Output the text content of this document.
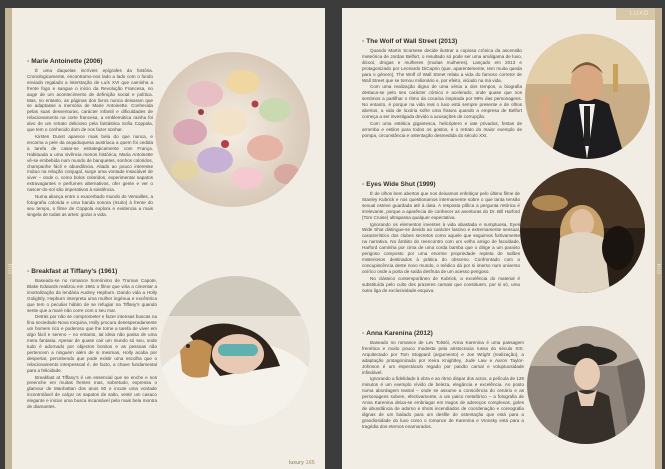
RIO
• Marie Antoinette (2006)

É uma daquelas incríveis epígrafes da história. Cronologicamente, encontramo-nos lado a lado com o fundo enviado regalado a interstação de Luís XVI que caminha a frente fogo e sangue o início da Revolução Francesa, no auge de um acontecimento de definição social e política. Mas, no entanto, as páginas dos livros nunca deixaram que se adaptasse a memória de Marie Antoinette. Conhecida pelas suas desventuras, carácter infantil e dificuldades de relacionamento na corte francesa, a emblemática rainha foi alvo de um retrato delicioso pela fantástica Sofia Coppola, que tem o conhecido dom de nos fazer sonhar.

Kirsten Dunst aparece mais bela do que nunca, e encarna a pele da arquiduquesa austríaca a quem foi cedida a tarefa de casar-se estrategicamente com França. Habituada a uma vivência menos histórica, Maria Antoinette vê-se embebida num mundo de banquetes, sonhos coloridos, champanhe fácil e abundância. Aliado ao pouco interesse mútuo na relação conjugal, surge uma vontade insaciável de viver – onde o, como bolos coloridos, experimentar sapatos extravagantes e perfumes alternativos, ofer gente e ver o nascer-do-sol são imperativos à existência.

Numa aliança entre o exacerbado mundo de Versailles, a fotografia colorida e uma banda sonora (muito) à frente do seu tempo, o filme de Coppola explora e evidencia a mais singela de todas as artes: gozar a vida.

• Breakfast at Tiffany’s (1961)

Baseado-se no romance homónimo de Truman Capote, Blake Edwards realizou em 1961 o filme que viria a cimentar a imortalização da lendária Audrey Hepburn. Dando vida a Holly Golightly, Hepburn interpreta uma mulher ingénua e excêntrica que tem o peculiar hábito de se refugiar na Tiffany’s quando sente que a maré não corre com o seu mar.

Detrás por não se comprometer e fazer intensas buscas na fina sociedade Nova Iorquina, Holly procura desesperadamente um homem rico e poderoso que lhe torne a tarefa de viver em algo fácil e sereno – no entanto, tal ideia não passa de uma mera fantasia. Apesar de quase cair um mundo só seu, onde tudo é adornado por objectos bonitos e as pessoas não pertencem a ninguém além de si mesmas, Holly acaba por despertar, percebendo que pode existir uma escolha que o relacionamento interpessoal é, de facto, a chave fundamental para a felicidade.

Breakfast at Tiffany’s é um essencial que se enche e nos preenche em muitas frentes mas, sobretudo, expressa o glamour de Manhattan dos anos 60 e incute uma vontade incontrolável de calçar os sapatos de salto, vestir um casaco elegante e iniciar uma busca incansável pela mais bela montra de diamantes.

luxury 165
LUXO
RIO
• The Wolf of Wall Street (2013)

Quando Martin Scorsese decide ilustrar a copiosa crónica da ascensão meteórica de Jordan Belfort, o resultado só pode ser uma amálgama de luxo, álcool, drogas e mulheres (muitas mulheres). Lançado em 2013 e protagonizado por Leonardo DiCaprio (que, aparentemente, tem muita queda para o género), The Wolf of Wall Street relata a vida do famoso corretor de Wall Street que se tornou milionário e, por efeito, viciado na má vida.

Com uma realização digna de uma vénia a dos tempos, a biografia destaca-se pelo seu carácter cómico e acelerado, onde quase que nos sentimos a partilhar o ritmo da cocaína inspirada por 99% das personagens. No entanto, é porque na vida real o luxo está sempre presente e de olhos abertos, a vida de luxúria sofre uma fratura quando a empresa de Belfort começa a ser investigada devido a acusações de corrupção.

Com uma estética gigantesca, helicóptero e iate privados, festas de arromba e estilos para todos os gostos, é o retrato do maior exemplo de pompa, circunstância e ostentação desmedida do século XXI.

• Eyes Wide Shut (1999)

É de olhos bem abertos que nos deixamos enfeitiçar pelo último filme de Stanley Kubrick e nos questionamos internamente sobre o que tanta tensão sexual esteve guardada até à data. A resposta pôlica a pergunta retórica é irrelevante, porque a aparência de conhecer as aventuras do Dr. Bill Harford (Tom Cruise) ultrapassa qualquer expectativa.

Ignorando os elementos inventes à vida abastada e sumptuosa, Eyes Wide Shut distingue-se devido ao carácter lascivo e extremamente sensual, característico dos clubes secretos como aquele que seguimos furtivamente na narrativa. No âmbito do reencontro com um velho amigo de faculdade, Harford caminha por cima de uma corda bamba que o dirige a um paraíso perigoso composto por uma enorme propriedade repleta de salões misteriosos destinados à prática do obsceno. Confrontado com a concupiscência deste novo mundo, o médico dá por si imerso num universo onírico onde a porta de saída desfruta de um acesso perigoso.

No clássico contemporâneo de Kubrick, a excelência do material é substituída pelo culto dos prazeres carnais que constituem, por si só, uma outra liga de exclusividade esquiva.

• Anna Karenina (2012)

Baseado no romance de Lev Tolstói, Anna Karenina é uma passagem frenética e muito pouco modesta pela aristocracia russa do século XIX. Arquitectado por Tom Stoppard (argumento) e Joe Wright (realização), a adaptação protagonizada por Keira Knightley, Jude Law e Aaron Taylor-Johnson é um espectáculo regado por paixão carnal e voluptuosidade infindável.

Ignorando a fidelidade à obra e ao ritmo dispar dos actos, a película de 129 minutos é um exemplo vívido de beleza, elegância e excelência. Ao posto numa abordagem teatral – onde se assume a consciência do cenário e as personagens sobem, efectivamente, a um palco metafórico – a fotografia de Anna Karenina deixa-se embriagar em tragos de adereços complexos, goles de abundância de adorno e shots incendiados de coordenação e coreografia dignas de um bailado para um desfile de ostentação que está para a grandiosidade do luxo como o romance de Karenina e Vronsky está para a tragédia dos eternos enamorados.
